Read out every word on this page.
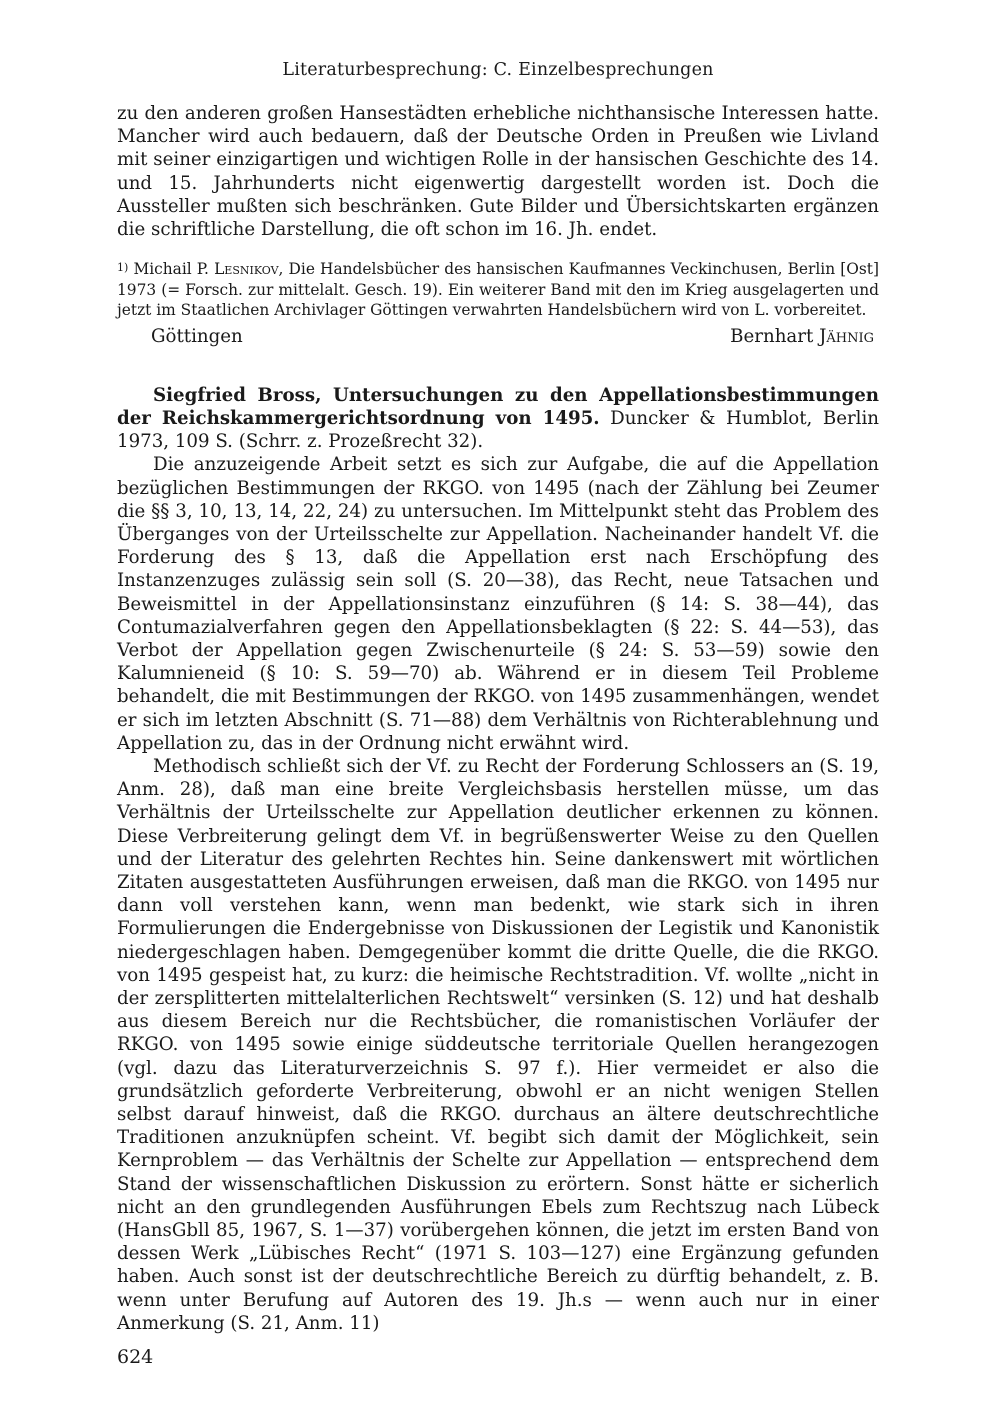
Literaturbesprechung: C. Einzelbesprechungen

zu den anderen großen Hansestädten erhebliche nichthansische Interessen hatte. Mancher wird auch bedauern, daß der Deutsche Orden in Preußen wie Livland mit seiner einzigartigen und wichtigen Rolle in der hansischen Geschichte des 14. und 15. Jahrhunderts nicht eigenwertig dargestellt worden ist. Doch die Aussteller mußten sich beschränken. Gute Bilder und Übersichtskarten ergänzen die schriftliche Darstellung, die oft schon im 16. Jh. endet.

$^{1)}$ Michail P. Lesnikov, Die Handelsbücher des hansischen Kaufmannes Veckinchusen, Berlin [Ost] 1973 (= Forsch. zur mittelalt. Gesch. 19). Ein weiterer Band mit den im Krieg ausgelagerten und jetzt im Staatlichen Archivlager Göttingen verwahrten Handelsbüchern wird von L. vorbereitet.

Göttingen	Bernhart Jähnig

Siegfried Bross, Untersuchungen zu den Appellationsbestimmungen der Reichskammergerichtsordnung von 1495. Duncker & Humblot, Berlin 1973, 109 S. (Schrr. z. Prozeßrecht 32).

Die anzuzeigende Arbeit setzt es sich zur Aufgabe, die auf die Appellation bezüglichen Bestimmungen der RKGO. von 1495 (nach der Zählung bei Zeumer die §§ 3, 10, 13, 14, 22, 24) zu untersuchen. Im Mittelpunkt steht das Problem des Überganges von der Urteilsschelte zur Appellation. Nacheinander handelt Vf. die Forderung des § 13, daß die Appellation erst nach Erschöpfung des Instanzenzuges zulässig sein soll (S. 20—38), das Recht, neue Tatsachen und Beweismittel in der Appellationsinstanz einzuführen (§ 14: S. 38—44), das Contumazialverfahren gegen den Appellationsbeklagten (§ 22: S. 44—53), das Verbot der Appellation gegen Zwischenurteile (§ 24: S. 53—59) sowie den Kalumnieneid (§ 10: S. 59—70) ab. Während er in diesem Teil Probleme behandelt, die mit Bestimmungen der RKGO. von 1495 zusammenhängen, wendet er sich im letzten Abschnitt (S. 71—88) dem Verhältnis von Richterablehnung und Appellation zu, das in der Ordnung nicht erwähnt wird.

Methodisch schließt sich der Vf. zu Recht der Forderung Schlossers an (S. 19, Anm. 28), daß man eine breite Vergleichsbasis herstellen müsse, um das Verhältnis der Urteilsschelte zur Appellation deutlicher erkennen zu können. Diese Verbreiterung gelingt dem Vf. in begrüßenswerter Weise zu den Quellen und der Literatur des gelehrten Rechtes hin. Seine dankenswert mit wörtlichen Zitaten ausgestatteten Ausführungen erweisen, daß man die RKGO. von 1495 nur dann voll verstehen kann, wenn man bedenkt, wie stark sich in ihren Formulierungen die Endergebnisse von Diskussionen der Legistik und Kanonistik niedergeschlagen haben. Demgegenüber kommt die dritte Quelle, die die RKGO. von 1495 gespeist hat, zu kurz: die heimische Rechtstradition. Vf. wollte „nicht in der zersplitterten mittelalterlichen Rechtswelt“ versinken (S. 12) und hat deshalb aus diesem Bereich nur die Rechtsbücher, die romanistischen Vorläufer der RKGO. von 1495 sowie einige süddeutsche territoriale Quellen herangezogen (vgl. dazu das Literaturverzeichnis S. 97 f.). Hier vermeidet er also die grundsätzlich geforderte Verbreiterung, obwohl er an nicht wenigen Stellen selbst darauf hinweist, daß die RKGO. durchaus an ältere deutschrechtliche Traditionen anzuknüpfen scheint. Vf. begibt sich damit der Möglichkeit, sein Kernproblem — das Verhältnis der Schelte zur Appellation — entsprechend dem Stand der wissenschaftlichen Diskussion zu erörtern. Sonst hätte er sicherlich nicht an den grundlegenden Ausführungen Ebels zum Rechtszug nach Lübeck (HansGbll 85, 1967, S. 1—37) vorübergehen können, die jetzt im ersten Band von dessen Werk „Lübisches Recht“ (1971 S. 103—127) eine Ergänzung gefunden haben. Auch sonst ist der deutschrechtliche Bereich zu dürftig behandelt, z. B. wenn unter Berufung auf Autoren des 19. Jh.s — wenn auch nur in einer Anmerkung (S. 21, Anm. 11)

624
